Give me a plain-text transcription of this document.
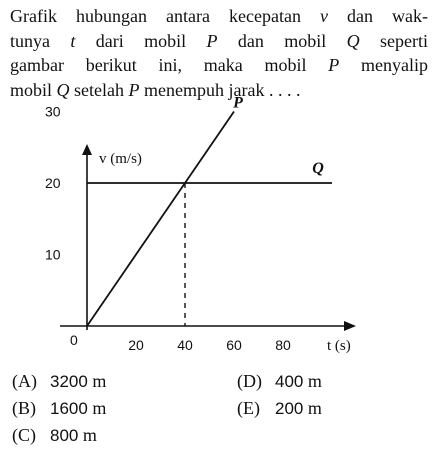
Grafik hubungan antara kecepatan v dan wak-
tunya t dari mobil P dan mobil Q seperti
gambar berikut ini, maka mobil P menyalip
mobil Q setelah P menempuh jarak . . . .
v (m/s)
t (s)
0	20 40 60 80
10
20
30	P
Q
(A) 3200 m
(B) 1600 m
(C) 800 m
(D) 400 m
(E) 200 m
